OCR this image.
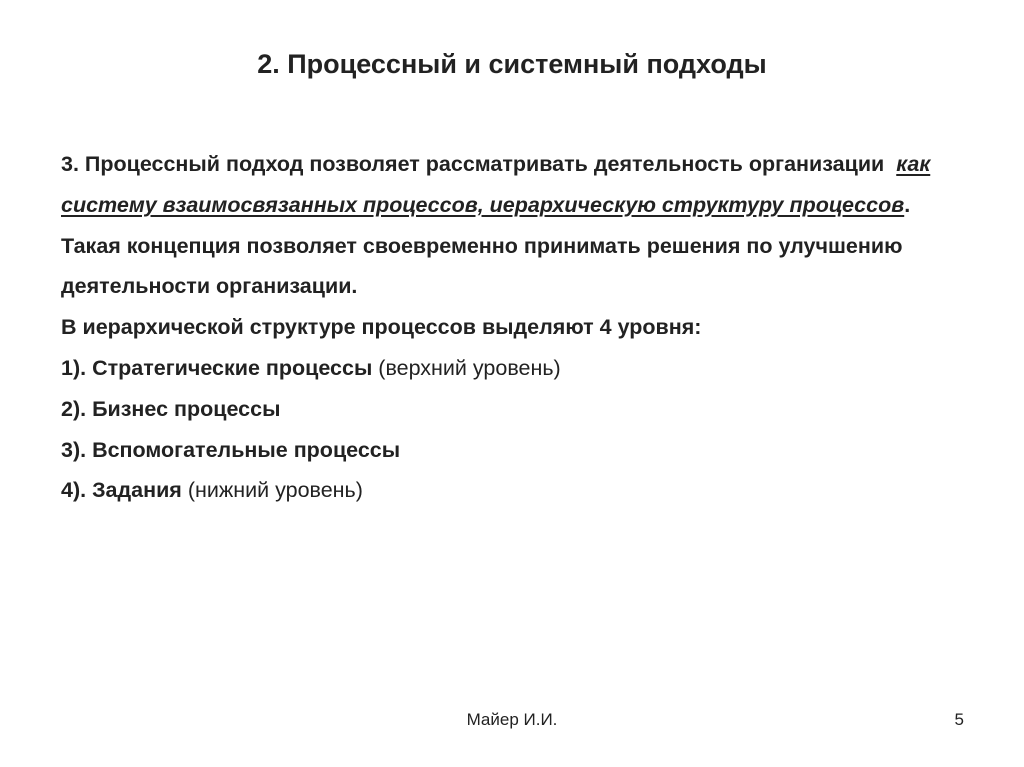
2. Процессный и системный подходы

3. Процессный подход позволяет рассматривать деятельность организации как систему взаимосвязанных процессов, иерархическую структуру процессов. Такая концепция позволяет своевременно принимать решения по улучшению деятельности организации.

В иерархической структуре процессов выделяют 4 уровня:

1). Стратегические процессы (верхний уровень)

2). Бизнес процессы

3). Вспомогательные процессы

4). Задания (нижний уровень)

Майер И.И.	5
